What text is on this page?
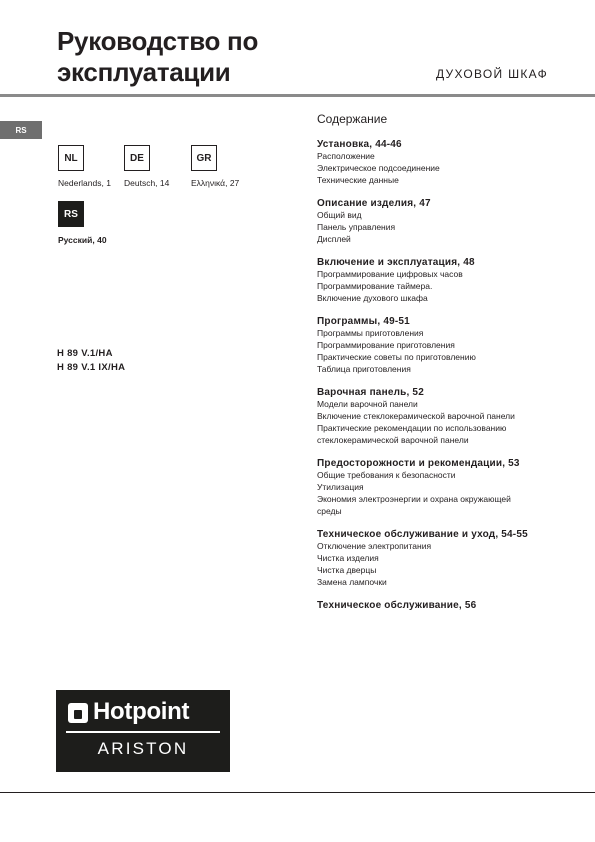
Руководство по
эксплуатации	ДУХОВОЙ ШКАФ
RS
NL
Nederlands, 1
DE
Deutsch, 14
GR
Ελληνικά, 27
RS
Русский, 40
H 89 V.1/HA
H 89 V.1 IX/HA
Содержание
Установка, 44-46
Расположение
Электрическое подсоединение
Технические данные
Описание изделия, 47
Общий вид
Панель управления
Дисплей
Включение и эксплуатация, 48
Программирование цифровых часов
Программирование таймера.
Включение духового шкафа
Программы, 49-51
Программы приготовления
Программирование приготовления
Практические советы по приготовлению
Таблица приготовления
Варочная панель, 52
Модели варочной панели
Включение стеклокерамической варочной панели
Практические рекомендации по использованию
стеклокерамической варочной панели
Предосторожности и рекомендации, 53
Общие требования к безопасности
Утилизация
Экономия электроэнергии и охрана окружающей
среды
Техническое обслуживание и уход, 54-55
Отключение электропитания
Чистка изделия
Чистка дверцы
Замена лампочки
Техническое обслуживание, 56
Hotpoint
ARISTON
